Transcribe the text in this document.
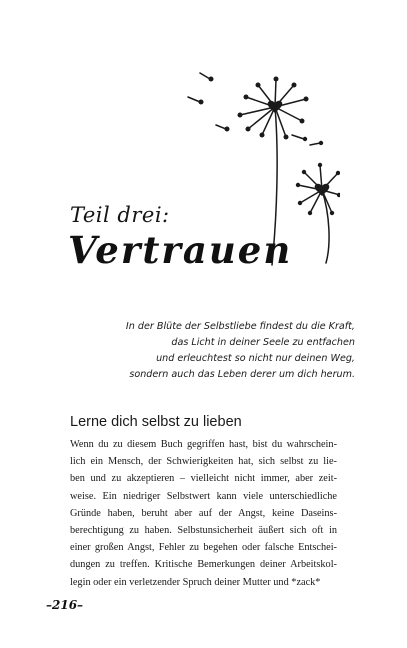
Teil drei:
Vertrauen
In der Blüte der Selbstliebe findest du die Kraft,
das Licht in deiner Seele zu entfachen
und erleuchtest so nicht nur deinen Weg,
sondern auch das Leben derer um dich herum.
Lerne dich selbst zu lieben
Wenn du zu diesem Buch gegriffen hast, bist du wahrschein-
lich ein Mensch, der Schwierigkeiten hat, sich selbst zu lie-
ben und zu akzeptieren – vielleicht nicht immer, aber zeit-
weise. Ein niedriger Selbstwert kann viele unterschiedliche
Gründe haben, beruht aber auf der Angst, keine Daseins-
berechtigung zu haben. Selbstunsicherheit äußert sich oft in
einer großen Angst, Fehler zu begehen oder falsche Entschei-
dungen zu treffen. Kritische Bemerkungen deiner Arbeitskol-
legin oder ein verletzender Spruch deiner Mutter und *zack*
–216–
